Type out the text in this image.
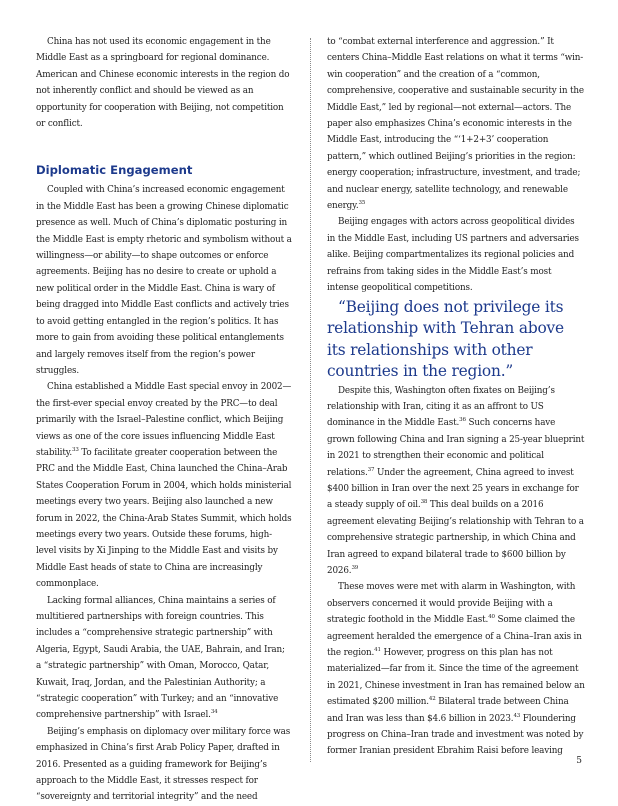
China has not used its economic engagement in the Middle East as a springboard for regional dominance. American and Chinese economic interests in the region do not inherently conflict and should be viewed as an opportunity for cooperation with Beijing, not competition or conflict.

Diplomatic Engagement

Coupled with China’s increased economic engagement in the Middle East has been a growing Chinese diplomatic presence as well. Much of China’s diplomatic posturing in the Middle East is empty rhetoric and symbolism without a willingness—or ability—to shape outcomes or enforce agreements. Beijing has no desire to create or uphold a new political order in the Middle East. China is wary of being dragged into Middle East conflicts and actively tries to avoid getting entangled in the region’s politics. It has more to gain from avoiding these political entanglements and largely removes itself from the region’s power struggles.

China established a Middle East special envoy in 2002—the first-ever special envoy created by the PRC—to deal primarily with the Israel–Palestine conflict, which Beijing views as one of the core issues influencing Middle East stability.$^{33}$ To facilitate greater cooperation between the PRC and the Middle East, China launched the China–Arab States Cooperation Forum in 2004, which holds ministerial meetings every two years. Beijing also launched a new forum in 2022, the China-Arab States Summit, which holds meetings every two years. Outside these forums, high-level visits by Xi Jinping to the Middle East and visits by Middle East heads of state to China are increasingly commonplace.

Lacking formal alliances, China maintains a series of multitiered partnerships with foreign countries. This includes a “comprehensive strategic partnership” with Algeria, Egypt, Saudi Arabia, the UAE, Bahrain, and Iran; a “strategic partnership” with Oman, Morocco, Qatar, Kuwait, Iraq, Jordan, and the Palestinian Authority; a “strategic cooperation” with Turkey; and an “innovative comprehensive partnership” with Israel.$^{34}$

Beijing’s emphasis on diplomacy over military force was emphasized in China’s first Arab Policy Paper, drafted in 2016. Presented as a guiding framework for Beijing’s approach to the Middle East, it stresses respect for “sovereignty and territorial integrity” and the need

to “combat external interference and aggression.” It centers China–Middle East relations on what it terms “win-win cooperation” and the creation of a “common, comprehensive, cooperative and sustainable security in the Middle East,” led by regional—not external—actors. The paper also emphasizes China’s economic interests in the Middle East, introducing the “‘1+2+3’ cooperation pattern,” which outlined Beijing’s priorities in the region: energy cooperation; infrastructure, investment, and trade; and nuclear energy, satellite technology, and renewable energy.$^{35}$

Beijing engages with actors across geopolitical divides in the Middle East, including US partners and adversaries alike. Beijing compartmentalizes its regional policies and refrains from taking sides in the Middle East’s most intense geopolitical competitions.

“Beijing does not privilege its relationship with Tehran above its relationships with other countries in the region.”

Despite this, Washington often fixates on Beijing’s relationship with Iran, citing it as an affront to US dominance in the Middle East.$^{36}$ Such concerns have grown following China and Iran signing a 25-year blueprint in 2021 to strengthen their economic and political relations.$^{37}$ Under the agreement, China agreed to invest $400 billion in Iran over the next 25 years in exchange for a steady supply of oil.$^{38}$ This deal builds on a 2016 agreement elevating Beijing’s relationship with Tehran to a comprehensive strategic partnership, in which China and Iran agreed to expand bilateral trade to $600 billion by 2026.39

These moves were met with alarm in Washington, with observers concerned it would provide Beijing with a strategic foothold in the Middle East.$^{40}$ Some claimed the agreement heralded the emergence of a China–Iran axis in the region.$^{41}$ However, progress on this plan has not materialized—far from it. Since the time of the agreement in 2021, Chinese investment in Iran has remained below an estimated $200 million.$^{42}$ Bilateral trade between China and Iran was less than $4.6 billion in 2023.43 Floundering progress on China–Iran trade and investment was noted by former Iranian president Ebrahim Raisi before leaving

5
